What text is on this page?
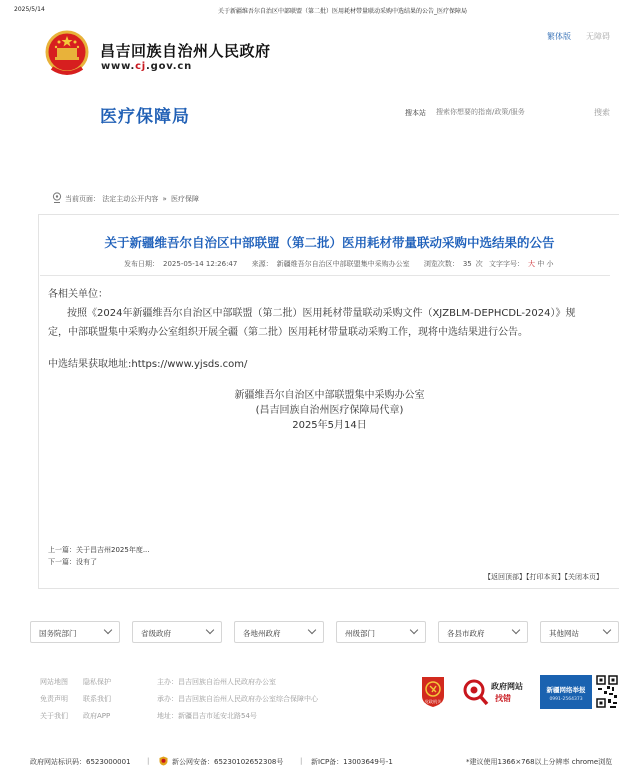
2025/5/14	关于新疆维吾尔自治区中部联盟（第二批）医用耗材带量联动采购中选结果的公告_医疗保障局
昌吉回族自治州人民政府
www.cj.gov.cn
繁体版 无障碍
医疗保障局	搜本站
搜索你想要的指南/政策/服务	搜索
当前页面： 法定主动公开内容 » 医疗保障
关于新疆维吾尔自治区中部联盟（第二批）医用耗材带量联动采购中选结果的公告
发布日期： 2025-05-14 12:26:47 来源： 新疆维吾尔自治区中部联盟集中采购办公室 浏览次数： 35 次 文字字号： 大 中 小
各相关单位：
按照《2024年新疆维吾尔自治区中部联盟（第二批）医用耗材带量联动采购文件（XJZBLM-DEPHCDL-2024）》规
定，中部联盟集中采购办公室组织开展全疆（第二批）医用耗材带量联动采购工作，现将中选结果进行公告。
中选结果获取地址:https://www.yjsds.com/
新疆维吾尔自治区中部联盟集中采购办公室
(昌吉回族自治州医疗保障局代章)
2025年5月14日
上一篇：关于昌吉州2025年度...
下一篇：没有了
【返回顶部】【打印本页】【关闭本页】
国务院部门	省级政府	各地州政府	州级部门	各县市政府	其他网站
网站地图 隐私保护
免责声明 联系我们
关于我们 政府APP
主办：昌吉回族自治州人民政府办公室
承办：昌吉回族自治州人民政府办公室综合保障中心
地址：新疆昌吉市延安北路54号
党政机关
政府网站
找错
新疆网络举报
0991-2564373
政府网站标识码：6523000001 |	新公网安备：65230102652308号 | 新ICP备：13003649号-1	*建议使用1366×768以上分辨率 chrome浏览
